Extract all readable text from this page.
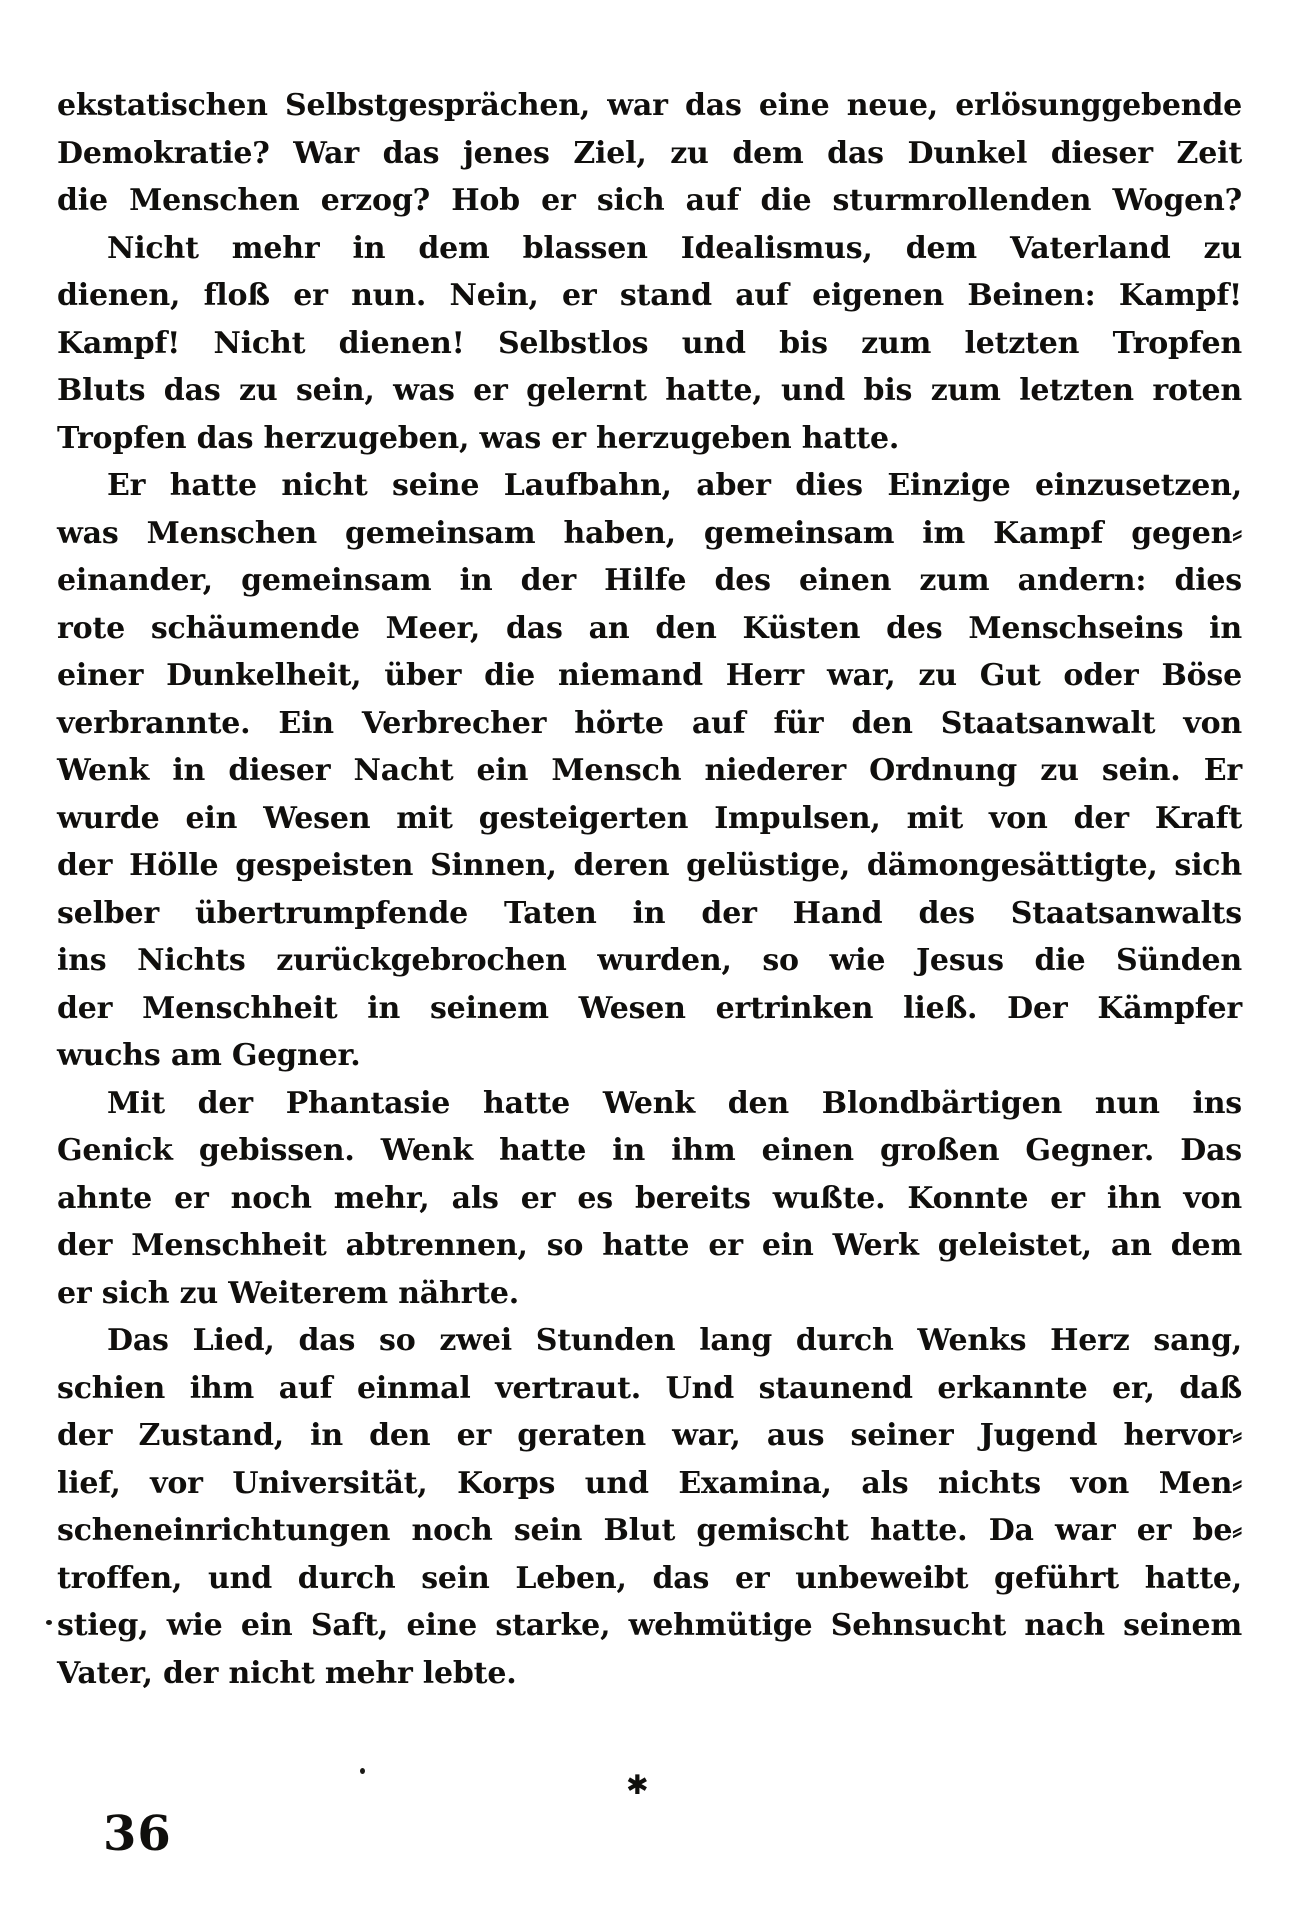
ekstatischen Selbstgesprächen, war das eine neue, erlösunggebende
Demokratie? War das jenes Ziel, zu dem das Dunkel dieser Zeit
die Menschen erzog? Hob er sich auf die sturmrollenden Wogen?
Nicht mehr in dem blassen Idealismus, dem Vaterland zu
dienen, floß er nun. Nein, er stand auf eigenen Beinen: Kampf!
Kampf! Nicht dienen! Selbstlos und bis zum letzten Tropfen
Bluts das zu sein, was er gelernt hatte, und bis zum letzten roten
Tropfen das herzugeben, was er herzugeben hatte.
Er hatte nicht seine Laufbahn, aber dies Einzige einzusetzen,
was Menschen gemeinsam haben, gemeinsam im Kampf gegen⸗
einander, gemeinsam in der Hilfe des einen zum andern: dies
rote schäumende Meer, das an den Küsten des Menschseins in
einer Dunkelheit, über die niemand Herr war, zu Gut oder Böse
verbrannte. Ein Verbrecher hörte auf für den Staatsanwalt von
Wenk in dieser Nacht ein Mensch niederer Ordnung zu sein. Er
wurde ein Wesen mit gesteigerten Impulsen, mit von der Kraft
der Hölle gespeisten Sinnen, deren gelüstige, dämongesättigte, sich
selber übertrumpfende Taten in der Hand des Staatsanwalts
ins Nichts zurückgebrochen wurden, so wie Jesus die Sünden
der Menschheit in seinem Wesen ertrinken ließ. Der Kämpfer
wuchs am Gegner.
Mit der Phantasie hatte Wenk den Blondbärtigen nun ins
Genick gebissen. Wenk hatte in ihm einen großen Gegner. Das
ahnte er noch mehr, als er es bereits wußte. Konnte er ihn von
der Menschheit abtrennen, so hatte er ein Werk geleistet, an dem
er sich zu Weiterem nährte.
Das Lied, das so zwei Stunden lang durch Wenks Herz sang,
schien ihm auf einmal vertraut. Und staunend erkannte er, daß
der Zustand, in den er geraten war, aus seiner Jugend hervor⸗
lief, vor Universität, Korps und Examina, als nichts von Men⸗
scheneinrichtungen noch sein Blut gemischt hatte. Da war er be⸗
troffen, und durch sein Leben, das er unbeweibt geführt hatte,
stieg, wie ein Saft, eine starke, wehmütige Sehnsucht nach seinem
Vater, der nicht mehr lebte.
✱
36
